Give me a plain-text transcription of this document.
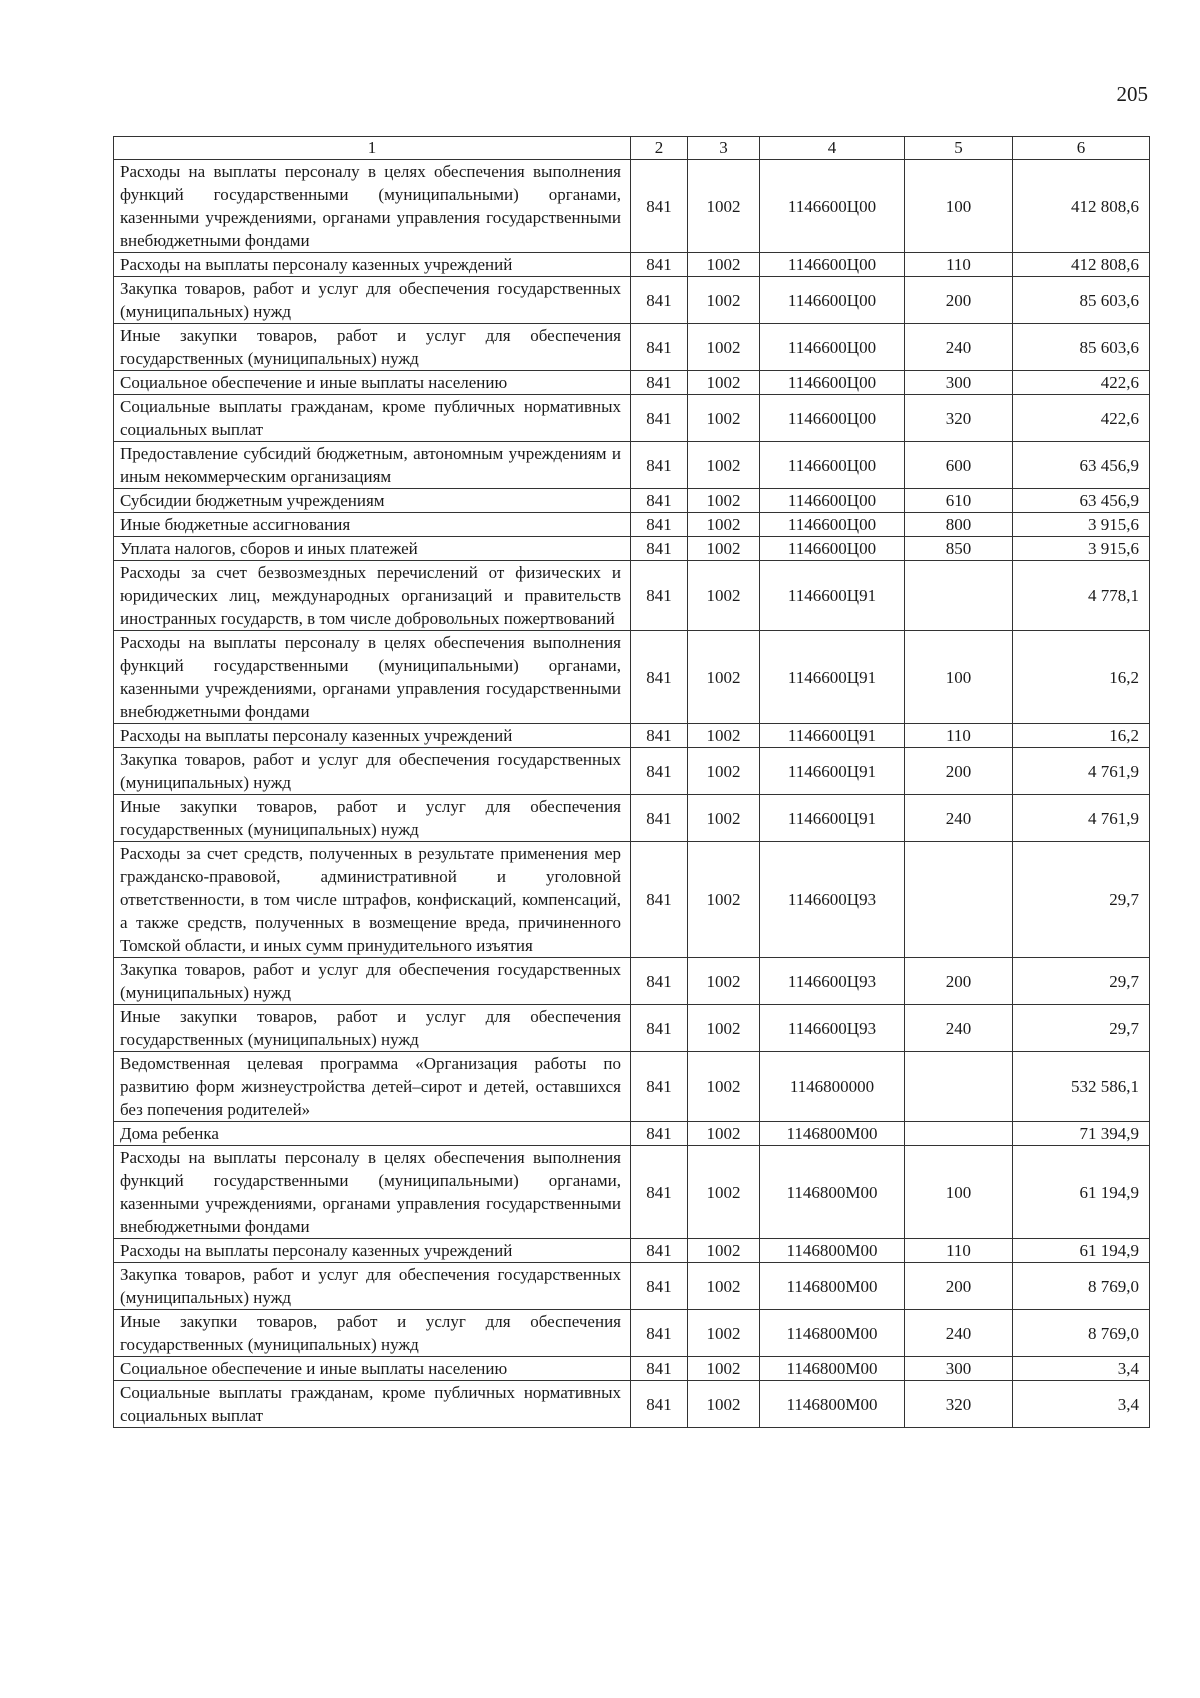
205
1	2	3	4	5	6
Расходы на выплаты персоналу в целях обеспечения выполнения функций государственными (муниципальными) органами, казенными учреждениями, органами управления государственными внебюджетными фондами	841	1002	1146600Ц00	100	412 808,6
Расходы на выплаты персоналу казенных учреждений	841	1002	1146600Ц00	110	412 808,6
Закупка товаров, работ и услуг для обеспечения государственных (муниципальных) нужд	841	1002	1146600Ц00	200	85 603,6
Иные закупки товаров, работ и услуг для обеспечения государственных (муниципальных) нужд	841	1002	1146600Ц00	240	85 603,6
Социальное обеспечение и иные выплаты населению	841	1002	1146600Ц00	300	422,6
Социальные выплаты гражданам, кроме публичных нормативных социальных выплат	841	1002	1146600Ц00	320	422,6
Предоставление субсидий бюджетным, автономным учреждениям и иным некоммерческим организациям	841	1002	1146600Ц00	600	63 456,9
Субсидии бюджетным учреждениям	841	1002	1146600Ц00	610	63 456,9
Иные бюджетные ассигнования	841	1002	1146600Ц00	800	3 915,6
Уплата налогов, сборов и иных платежей	841	1002	1146600Ц00	850	3 915,6
Расходы за счет безвозмездных перечислений от физических и юридических лиц, международных организаций и правительств иностранных государств, в том числе добровольных пожертвований	841	1002	1146600Ц91		4 778,1
Расходы на выплаты персоналу в целях обеспечения выполнения функций государственными (муниципальными) органами, казенными учреждениями, органами управления государственными внебюджетными фондами	841	1002	1146600Ц91	100	16,2
Расходы на выплаты персоналу казенных учреждений	841	1002	1146600Ц91	110	16,2
Закупка товаров, работ и услуг для обеспечения государственных (муниципальных) нужд	841	1002	1146600Ц91	200	4 761,9
Иные закупки товаров, работ и услуг для обеспечения государственных (муниципальных) нужд	841	1002	1146600Ц91	240	4 761,9
Расходы за счет средств, полученных в результате применения мер гражданско-правовой, административной и уголовной ответственности, в том числе штрафов, конфискаций, компенсаций, а также средств, полученных в возмещение вреда, причиненного Томской области, и иных сумм принудительного изъятия	841	1002	1146600Ц93		29,7
Закупка товаров, работ и услуг для обеспечения государственных (муниципальных) нужд	841	1002	1146600Ц93	200	29,7
Иные закупки товаров, работ и услуг для обеспечения государственных (муниципальных) нужд	841	1002	1146600Ц93	240	29,7
Ведомственная целевая программа «Организация работы по развитию форм жизнеустройства детей–сирот и детей, оставшихся без попечения родителей»	841	1002	1146800000		532 586,1
Дома ребенка	841	1002	1146800М00		71 394,9
Расходы на выплаты персоналу в целях обеспечения выполнения функций государственными (муниципальными) органами, казенными учреждениями, органами управления государственными внебюджетными фондами	841	1002	1146800М00	100	61 194,9
Расходы на выплаты персоналу казенных учреждений	841	1002	1146800М00	110	61 194,9
Закупка товаров, работ и услуг для обеспечения государственных (муниципальных) нужд	841	1002	1146800М00	200	8 769,0
Иные закупки товаров, работ и услуг для обеспечения государственных (муниципальных) нужд	841	1002	1146800М00	240	8 769,0
Социальное обеспечение и иные выплаты населению	841	1002	1146800М00	300	3,4
Социальные выплаты гражданам, кроме публичных нормативных социальных выплат	841	1002	1146800М00	320	3,4
